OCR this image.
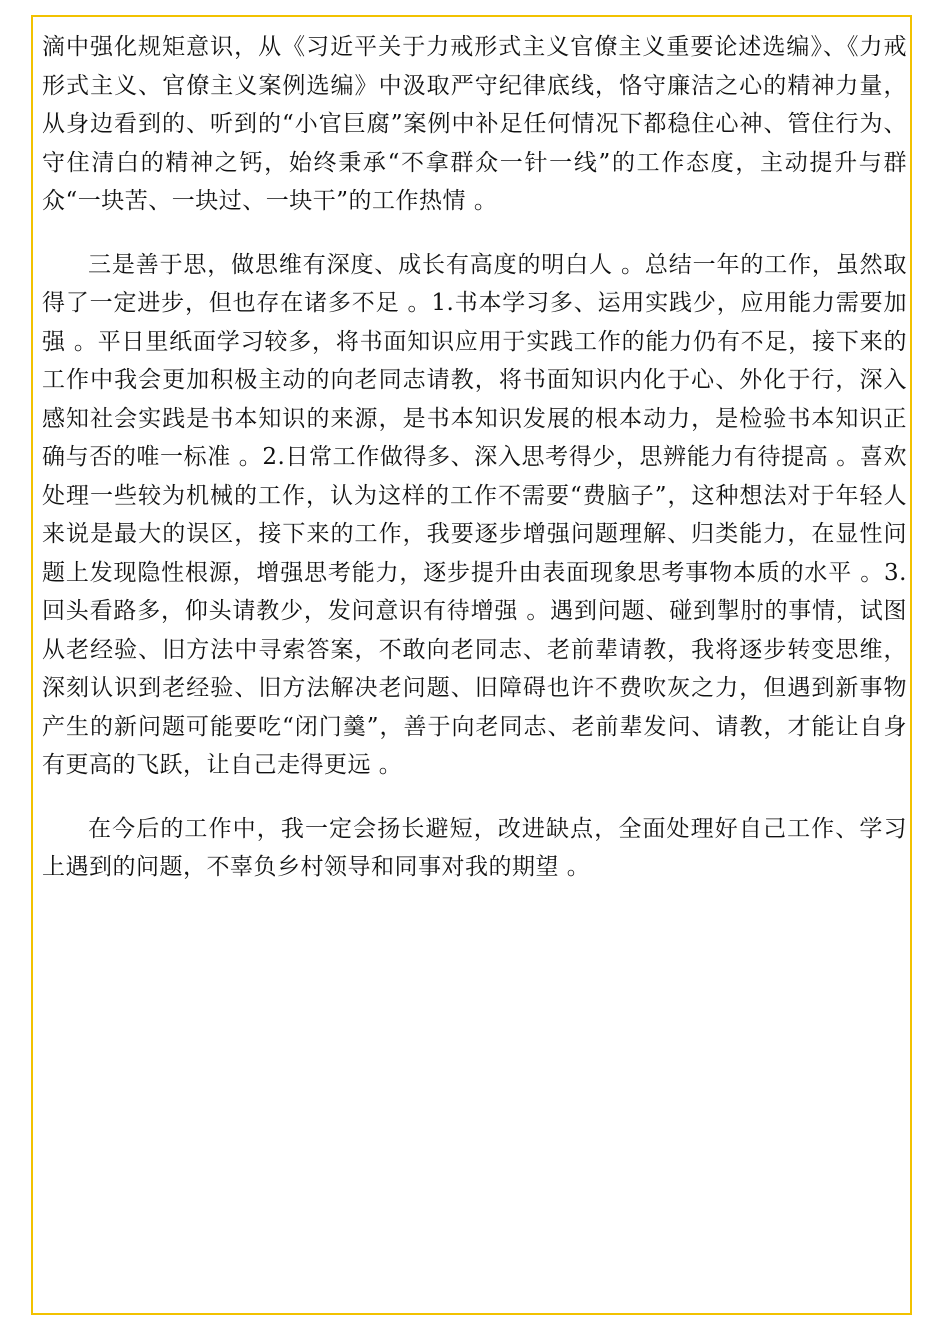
滴中强化规矩意识，从《习近平关于力戒形式主义官僚主义重要论述选编》、《力戒形式主义、官僚主义案例选编》中汲取严守纪律底线，恪守廉洁之心的精神力量，从身边看到的、听到的“小官巨腐”案例中补足任何情况下都稳住心神、管住行为、守住清白的精神之钙，始终秉承“不拿群众一针一线”的工作态度，主动提升与群众“一块苦、一块过、一块干”的工作热情 。

三是善于思，做思维有深度、成长有高度的明白人 。总结一年的工作，虽然取得了一定进步，但也存在诸多不足 。1.书本学习多、运用实践少，应用能力需要加强 。平日里纸面学习较多，将书面知识应用于实践工作的能力仍有不足，接下来的工作中我会更加积极主动的向老同志请教，将书面知识内化于心、外化于行，深入感知社会实践是书本知识的来源，是书本知识发展的根本动力，是检验书本知识正确与否的唯一标准 。2.日常工作做得多、深入思考得少，思辨能力有待提高 。喜欢处理一些较为机械的工作，认为这样的工作不需要“费脑子”，这种想法对于年轻人来说是最大的误区，接下来的工作，我要逐步增强问题理解、归类能力，在显性问题上发现隐性根源，增强思考能力，逐步提升由表面现象思考事物本质的水平 。3.回头看路多，仰头请教少，发问意识有待增强 。遇到问题、碰到掣肘的事情，试图从老经验、旧方法中寻索答案，不敢向老同志、老前辈请教，我将逐步转变思维，深刻认识到老经验、旧方法解决老问题、旧障碍也许不费吹灰之力，但遇到新事物产生的新问题可能要吃“闭门羹”，善于向老同志、老前辈发问、请教，才能让自身有更高的飞跃，让自己走得更远 。

在今后的工作中，我一定会扬长避短，改进缺点，全面处理好自己工作、学习上遇到的问题，不辜负乡村领导和同事对我的期望 。
